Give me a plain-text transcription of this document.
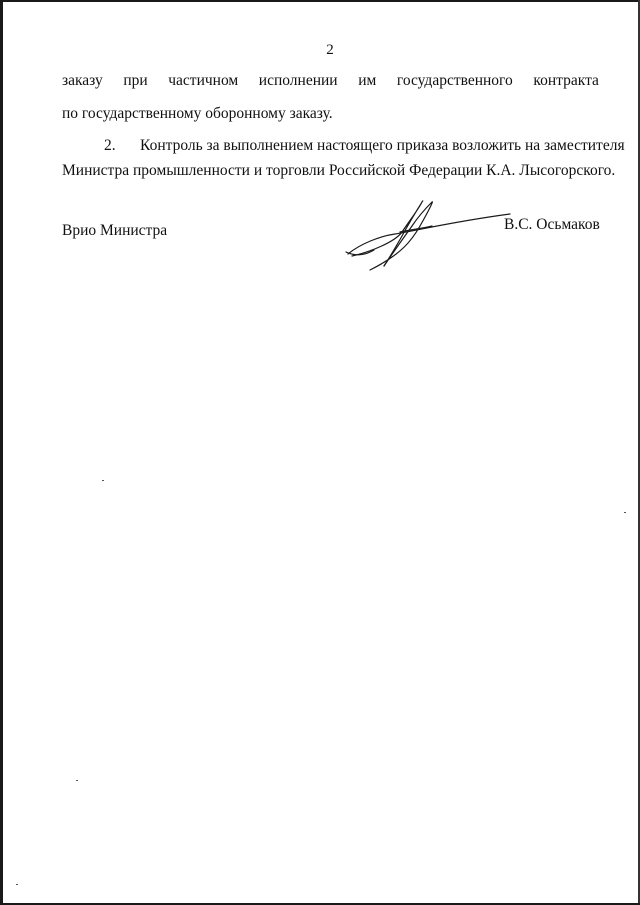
2
заказу при частичном исполнении им государственного контракта
по государственному оборонному заказу.
2. Контроль за выполнением настоящего приказа возложить на заместителя
Министра промышленности и торговли Российской Федерации К.А. Лысогорского.
Врио Министра	В.С. Осьмаков
